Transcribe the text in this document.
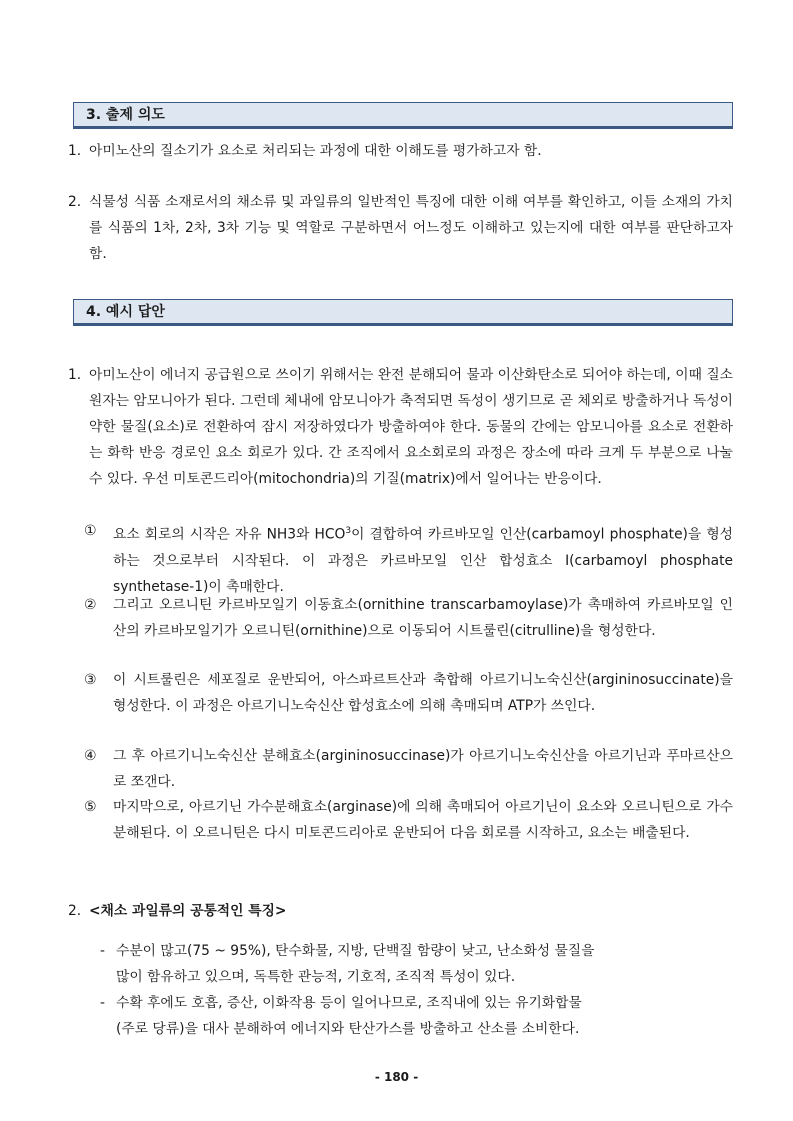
3. 출제 의도
1. 아미노산의 질소기가 요소로 처리되는 과정에 대한 이해도를 평가하고자 함.
2. 식물성 식품 소재로서의 채소류 및 과일류의 일반적인 특징에 대한 이해 여부를 확인하고, 이들 소재의 가치를 식품의 1차, 2차, 3차 기능 및 역할로 구분하면서 어느정도 이해하고 있는지에 대한 여부를 판단하고자 함.
4. 예시 답안
1. 아미노산이 에너지 공급원으로 쓰이기 위해서는 완전 분해되어 물과 이산화탄소로 되어야 하는데, 이때 질소 원자는 암모니아가 된다. 그런데 체내에 암모니아가 축적되면 독성이 생기므로 곧 체외로 방출하거나 독성이 약한 물질(요소)로 전환하여 잠시 저장하였다가 방출하여야 한다. 동물의 간에는 암모니아를 요소로 전환하는 화학 반응 경로인 요소 회로가 있다. 간 조직에서 요소회로의 과정은 장소에 따라 크게 두 부분으로 나눌 수 있다. 우선 미토콘드리아(mitochondria)의 기질(matrix)에서 일어나는 반응이다.
① 요소 회로의 시작은 자유 NH3와 HCO$^3$이 결합하여 카르바모일 인산(carbamoyl phosphate)을 형성하는 것으로부터 시작된다. 이 과정은 카르바모일 인산 합성효소 I(carbamoyl phosphate synthetase-1)이 촉매한다.
② 그리고 오르니틴 카르바모일기 이동효소(ornithine transcarbamoylase)가 촉매하여 카르바모일 인산의 카르바모일기가 오르니틴(ornithine)으로 이동되어 시트룰린(citrulline)을 형성한다.
③ 이 시트룰린은 세포질로 운반되어, 아스파르트산과 축합해 아르기니노숙신산(argininosuccinate)을 형성한다. 이 과정은 아르기니노숙신산 합성효소에 의해 촉매되며 ATP가 쓰인다.
④ 그 후 아르기니노숙신산 분해효소(argininosuccinase)가 아르기니노숙신산을 아르기닌과 푸마르산으로 쪼갠다.
⑤ 마지막으로, 아르기닌 가수분해효소(arginase)에 의해 촉매되어 아르기닌이 요소와 오르니틴으로 가수분해된다. 이 오르니틴은 다시 미토콘드리아로 운반되어 다음 회로를 시작하고, 요소는 배출된다.
2. <채소 과일류의 공통적인 특징>
- 수분이 많고(75 ~ 95%), 탄수화물, 지방, 단백질 함량이 낮고, 난소화성 물질을
많이 함유하고 있으며, 독특한 관능적, 기호적, 조직적 특성이 있다.
- 수확 후에도 호흡, 증산, 이화작용 등이 일어나므로, 조직내에 있는 유기화합물
(주로 당류)을 대사 분해하여 에너지와 탄산가스를 방출하고 산소를 소비한다.
- 180 -
